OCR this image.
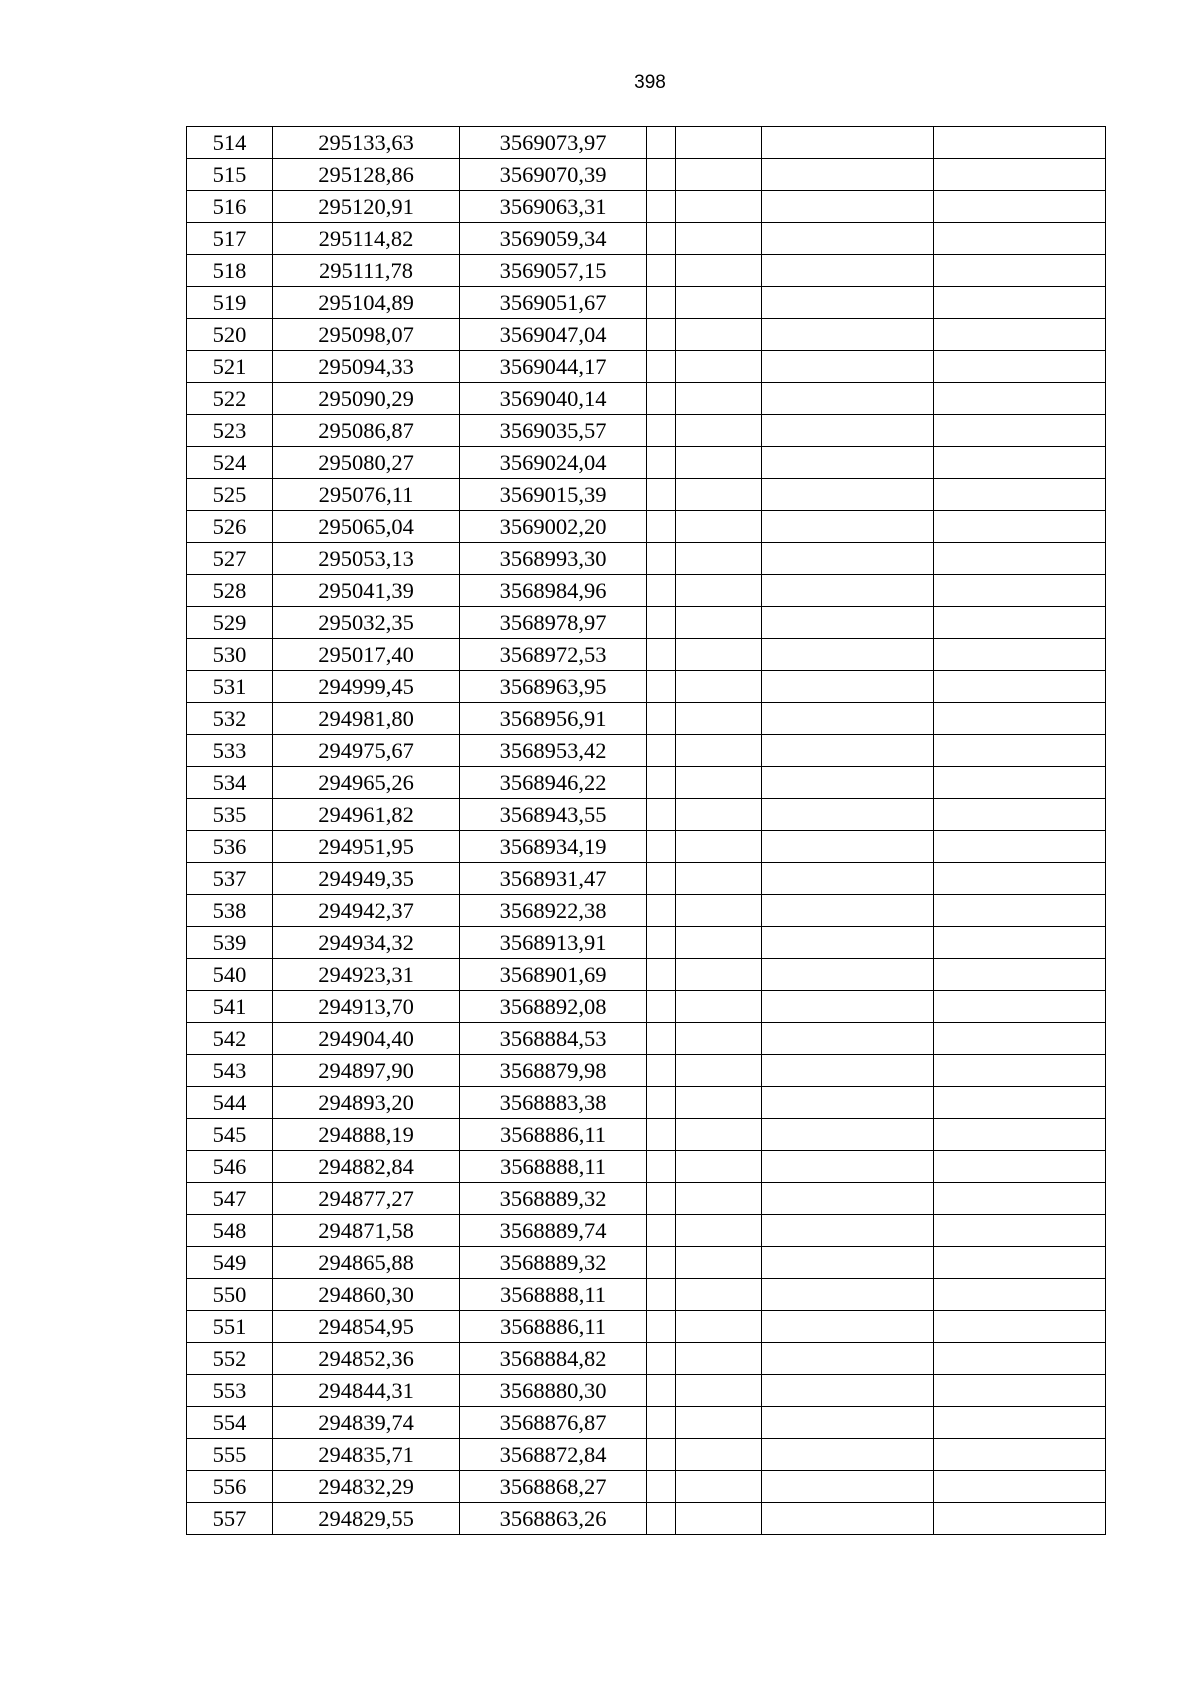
398
514	295133,63	3569073,97				
515	295128,86	3569070,39				
516	295120,91	3569063,31				
517	295114,82	3569059,34				
518	295111,78	3569057,15				
519	295104,89	3569051,67				
520	295098,07	3569047,04				
521	295094,33	3569044,17				
522	295090,29	3569040,14				
523	295086,87	3569035,57				
524	295080,27	3569024,04				
525	295076,11	3569015,39				
526	295065,04	3569002,20				
527	295053,13	3568993,30				
528	295041,39	3568984,96				
529	295032,35	3568978,97				
530	295017,40	3568972,53				
531	294999,45	3568963,95				
532	294981,80	3568956,91				
533	294975,67	3568953,42				
534	294965,26	3568946,22				
535	294961,82	3568943,55				
536	294951,95	3568934,19				
537	294949,35	3568931,47				
538	294942,37	3568922,38				
539	294934,32	3568913,91				
540	294923,31	3568901,69				
541	294913,70	3568892,08				
542	294904,40	3568884,53				
543	294897,90	3568879,98				
544	294893,20	3568883,38				
545	294888,19	3568886,11				
546	294882,84	3568888,11				
547	294877,27	3568889,32				
548	294871,58	3568889,74				
549	294865,88	3568889,32				
550	294860,30	3568888,11				
551	294854,95	3568886,11				
552	294852,36	3568884,82				
553	294844,31	3568880,30				
554	294839,74	3568876,87				
555	294835,71	3568872,84				
556	294832,29	3568868,27				
557	294829,55	3568863,26				
